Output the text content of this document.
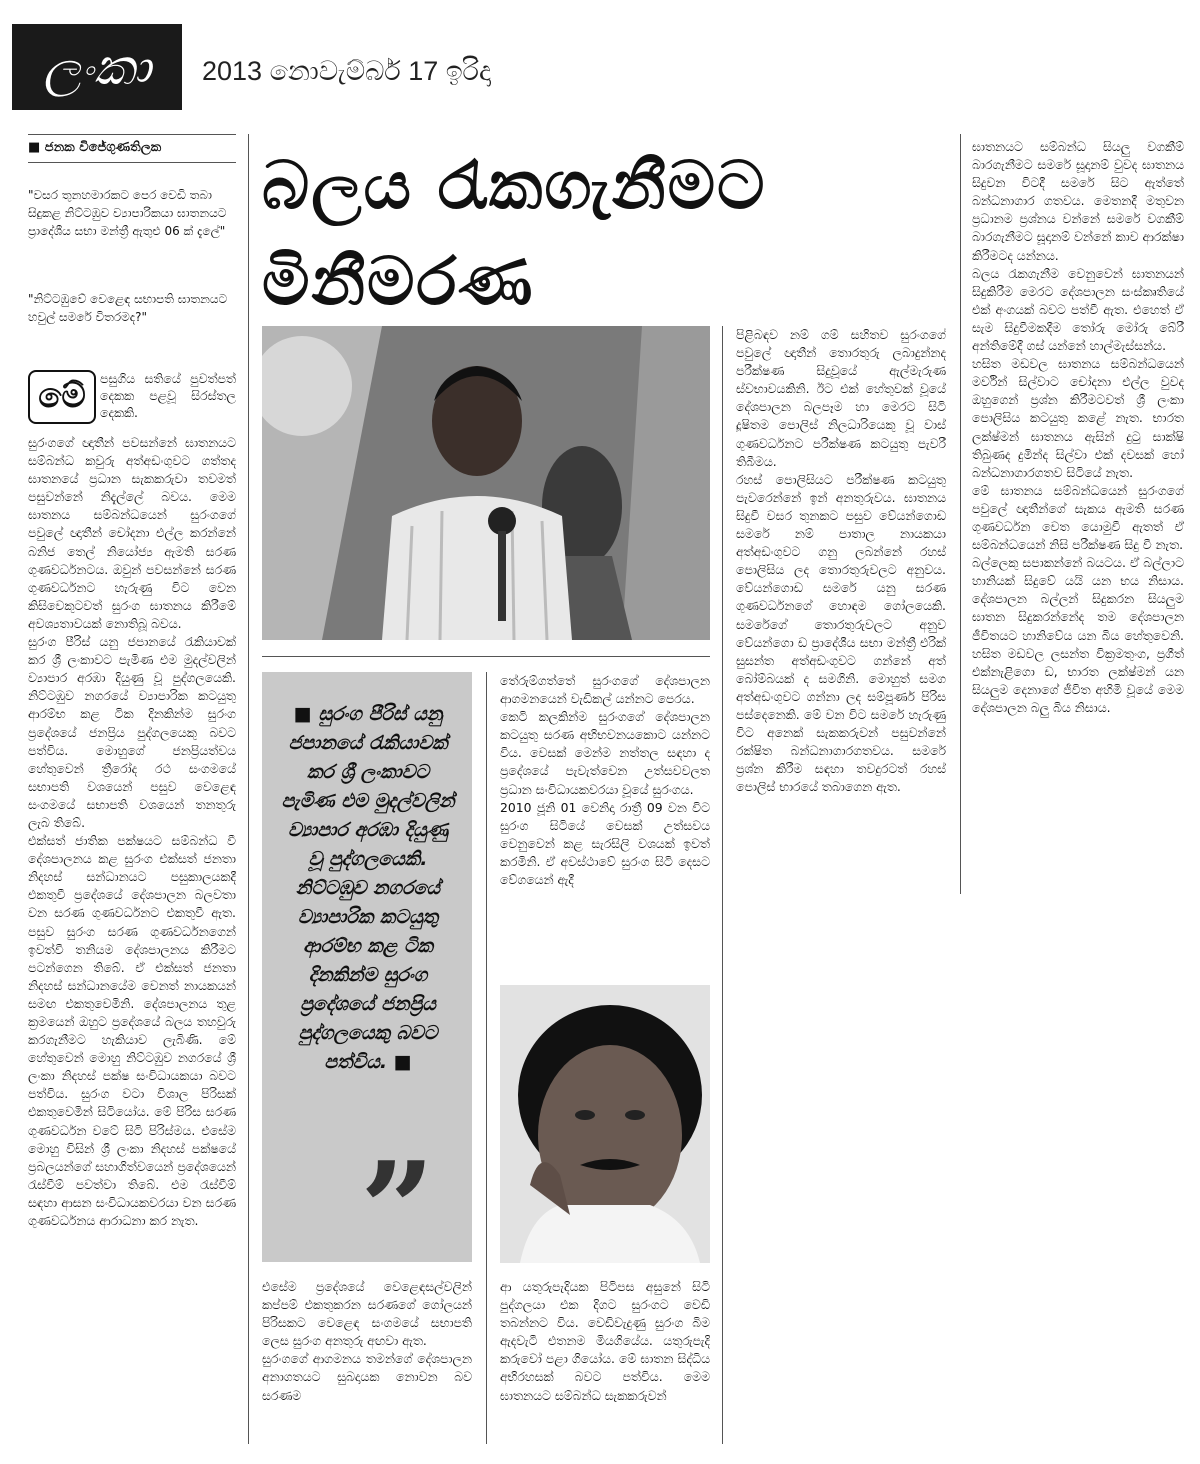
ලංකා	2013 නොවැම්බර් 17 ඉරිදා
■ ජනක විජේගුණතිලක
"වසර තුනහමාරකට පෙර වෙඩි තබා සිදුකළ නිට්ටඹුව ව්‍යාපාරිකයා ඝාතනයට ප්‍රාදේශීය සභා මන්ත්‍රී ඇතුළු 06 ක් දැලේ"
"නිට්ටඹුවේ වෙළෙඳ සභාපති ඝාතනයට හවුල් සමරේ විතරමද?"
මේ	පසුගිය සතියේ පුවත්පත් දෙකක පළවූ සිරස්තල දෙකකි.
සුරංගගේ ඥාතීන් පවසන්නේ ඝාතනයට සම්බන්ධ කවුරු අත්අඩංගුවට ගත්තද ඝාතනයේ ප්‍රධාන සැකකරුවා තවමත් පසුවන්නේ නිදැල්ලේ බවය. මෙම ඝාතනය සම්බන්ධයෙන් සුරංගගේ පවුලේ ඥාතීන් චෝදනා එල්ල කරන්නේ බනිජ තෙල් නියෝජ්‍ය ඇමති සරණ ගුණවර්ධනටය. ඔවුන් පවසන්නේ සරණ ගුණවර්ධනට හැරුණු විට වෙන කිසිවෙකුටවත් සුරංග ඝාතනය කිරීමේ අවශ්‍යතාවයක් නොතිබූ බවය.
සුරංග පීරිස් යනු ජපානයේ රැකියාවක් කර ශ්‍රී ලංකාවට පැමිණ එම මුදල්වලින් ව්‍යාපාර අරඹා දියුණු වූ පුද්ගලයෙකි. නිට්ටඹුව නගරයේ ව්‍යාපාරික කටයුතු ආරම්භ කළ ටික දිනකින්ම සුරංග ප්‍රදේශයේ ජනප්‍රිය පුද්ගලයෙකු බවට පත්විය. මොහුගේ ජනප්‍රියත්වය හේතුවෙන් ත්‍රීරෝද රථ සංගමයේ සභාපති වශයෙන් පසුව වෙළෙඳ සංගමයේ සභාපති වශයෙන් තනතුරු ලැබ තිබේ.
එක්සත් ජාතික පක්ෂයට සම්බන්ධ වී දේශපාලනය කළ සුරංග එක්සත් ජනතා නිදහස් සන්ධානයට පසුකාලයකදී එකතුවී ප්‍රදේශයේ දේශපාලන බලවතා වන සරණ ගුණවර්ධනට එකතුවී ඇත. පසුව සුරංග සරණ ගුණවර්ධනගෙන් ඉවත්වී තනියම දේශපාලනය කිරීමට පටන්ගෙන තිබේ. ඒ එක්සත් ජනතා නිදහස් සන්ධානයේම වෙනත් නායකයන් සමඟ එකතුවෙමිනි. දේශපාලනය තුළ ක්‍රමයෙන් ඔහුට ප්‍රදේශයේ බලය තහවුරු කරගැනීමට හැකියාව ලැබිණි. මේ හේතුවෙන් මොහු නිට්ටඹුව නගරයේ ශ්‍රී ලංකා නිදහස් පක්ෂ සංවිධායකයා බවට පත්විය. සුරංග වටා විශාල පිරිසක් එකතුවෙමින් සිටියෝය. මේ පිරිස සරණ ගුණවර්ධන වටේ සිටි පිරිස්මය. එසේම මොහු විසින් ශ්‍රී ලංකා නිදහස් පක්ෂයේ ප්‍රබලයන්ගේ සහාගිත්වයෙන් ප්‍රදේශයෙන් රැස්වීම් පවත්වා තිබේ. එම රැස්වීම් සඳහා ආසන සංවිධායකවරයා වන සරණ ගුණවර්ධනය ආරාධනා කර නැත.
බලය රැකගැනීමට මිනීමරණ
■ සුරංග පීරිස් යනු ජපානයේ රැකියාවක් කර ශ්‍රී ලංකාවට පැමිණ එම මුදල්වලින් ව්‍යාපාර අරඹා දියුණු වූ පුද්ගලයෙකි. නිට්ටඹුව නගරයේ ව්‍යාපාරික කටයුතු ආරම්භ කළ ටික දිනකින්ම සුරංග ප්‍රදේශයේ ජනප්‍රිය පුද්ගලයෙකු බවට පත්විය. ■
”
එසේම ප්‍රදේශයේ වෙළෙඳසල්වලින් කප්පම් එකතුකරන සරණගේ ගෝලයන් පිරිසකට වෙළෙඳ සංගමයේ සභාපති ලෙස සුරංග අනතුරු අඟවා ඇත.
සුරංගගේ ආගමනය තමන්ගේ දේශපාලන අනාගතයට සුබදායක නොවන බව සරණම
තේරුම්ගත්තේ සුරංගගේ දේශපාලන ආගමනයෙන් වැඩිකල් යන්නට පෙරය.
කෙටි කලකින්ම සුරංගගේ දේශපාලන කටයුතු සරණ අභිභවනයකොට යන්නට විය. වෙසක් මෙන්ම නත්තල සඳහා ද ප්‍රදේශයේ පැවැත්වෙන උත්සවවලත ප්‍රධාන සංවිධායකවරයා වූයේ සුරංගය.
2010 ජූනි 01 වෙනිදා රාත්‍රී 09 වන විට සුරංග සිටියේ වෙසක් උත්සවය වෙනුවෙන් කළ සැරසිලි වශයක් ඉවත් කරමිනි. ඒ අවස්ථාවේ සුරංග සිටි දෙසට වේගයෙන් ඇදී
ආ යතුරුපැදියක පිටිපස අසුනේ සිටි පුද්ගලයා එක දිගට සුරංගට වෙඩි තබන්නට විය. වෙඩිවැදුණු සුරංග බිම ඇදවැටී එතනම මියගියේය. යතුරුපැදි කරුවෝ පළා ගියෝය. මේ ඝාතන සිද්ධිය අභිරහසක් බවට පත්විය. මෙම ඝාතනයට සම්බන්ධ සැකකරුවන්
පිළිබඳව නම් ගම් සහිතව සුරංගගේ පවුලේ ඥාතීන් තොරතුරු ලබාදුන්නද පරීක්ෂණ සිදුවූයේ ඇල්මැරුණ ස්වභාවයකිනි. ඊට එක් හේතුවක් වූයේ දේශපාලන බලපෑම හා මෙරට සිටි දූෂිතම පොලිස් නිලධාරියෙකු වූ වාස් ගුණවර්ධනට පරීක්ෂණ කටයුතු පැවරී තිබීමය.
රහස් පොලිසියට පරීක්ෂණ කටයුතු පැවරෙන්නේ ඉන් අනතුරුවය. ඝාතනය සිදුවී වසර තුනකට පසුව වේයන්ගොඩ සමරේ නම් පාතාල නායකයා අත්අඩංගුවට ගනු ලබන්නේ රහස් පොලිසිය ලද තොරතුරුවලට අනුවය. වේයන්ගොඩ සමරේ යනු සරණ ගුණවර්ධනගේ හොඳම ගෝලයෙකි. සමරේගේ තොරතුරුවලට අනුව වේයන්ගො ඩ ප්‍රාදේශීය සභා මන්ත්‍රී එරික් සුසන්ත අත්අඩංගුවට ගන්නේ අත් බෝම්බයක් ද සමගිනි. මොහුත් සමග අත්අඩංගුවට ගන්නා ලද සම්පූර්ණ පිරිස පස්දෙනෙකි. මේ වන විට සමරේ හැරුණු විට අනෙක් සැකකරුවන් පසුවන්නේ රක්ෂිත බන්ධනාගාරගතවය. සමරේ ප්‍රශ්න කිරීම සඳහා තවදුරටත් රහස් පොලිස් භාරයේ තබාගෙන ඇත.
ඝාතනයට සම්බන්ධ සියලු වගකීම් බාරගැනීමට සමරේ සූදානම් වුවද ඝාතනය සිදුවන විටදී සමරේ සිට ඇත්තේ බන්ධනාගාර ගතවය. මෙතනදී මතුවන ප්‍රධානම ප්‍රශ්නය වන්නේ සමරේ වගකීම් බාරගැනීමට සූදානම් වන්නේ කාව ආරක්ෂා කිරීමටද යන්නය.
බලය රැකගැනීම වෙනුවෙන් ඝාතනයන් සිදුකිරීම මෙරට දේශපාලන සංස්කෘතියේ එක් අංගයක් බවට පත්වී ඇත. එහෙත් ඒ සැම සිදුවීමකදීම තෝරු මෝරු බේරී අන්තිමේදී ගස් යන්නේ හාල්මැස්සන්ය.
හසිත මඩවල ඝාතනය සම්බන්ධයෙන් මර්වින් සිල්වාට චෝදනා එල්ල වුවද ඔහුගෙන් ප්‍රශ්න කිරීමටවත් ශ්‍රී ලංකා පොලිසිය කටයුතු කළේ නැත. භාරත ලක්ෂ්මන් ඝාතනය ඇසින් දුටු සාක්ෂි තිබුණද දුමින්ද සිල්වා එක් දවසක් හෝ බන්ධනාගාරගතව සිටියේ නැත.
මේ ඝාතනය සම්බන්ධයෙන් සුරංගගේ පවුලේ ඥාතීන්ගේ සැකය ඇමති සරණ ගුණවර්ධන වෙත යොමුවී ඇතත් ඒ සම්බන්ධයෙන් නිසි පරීක්ෂණ සිදු වී නැත.
බල්ලෙකු සපාකන්නේ බයටය. ඒ බල්ලාට හානියක් සිදුවේ යයි යන භය නිසාය. දේශපාලන බල්ලන් සිදුකරන සියලුම ඝාතන සිදුකරන්නේද තම දේශපාලන ජීවිතයට හානිවේය යන බිය හේතුවෙනි. හසිත මඩවල ලසන්ත වික්‍රමතුංග, ප්‍රගීත් එක්නැළිගො ඩ, භාරත ලක්ෂ්මන් යන සියලුම දෙනාගේ ජීවිත අහිමි වූයේ මෙම දේශපාලන බලු බිය නිසාය.
